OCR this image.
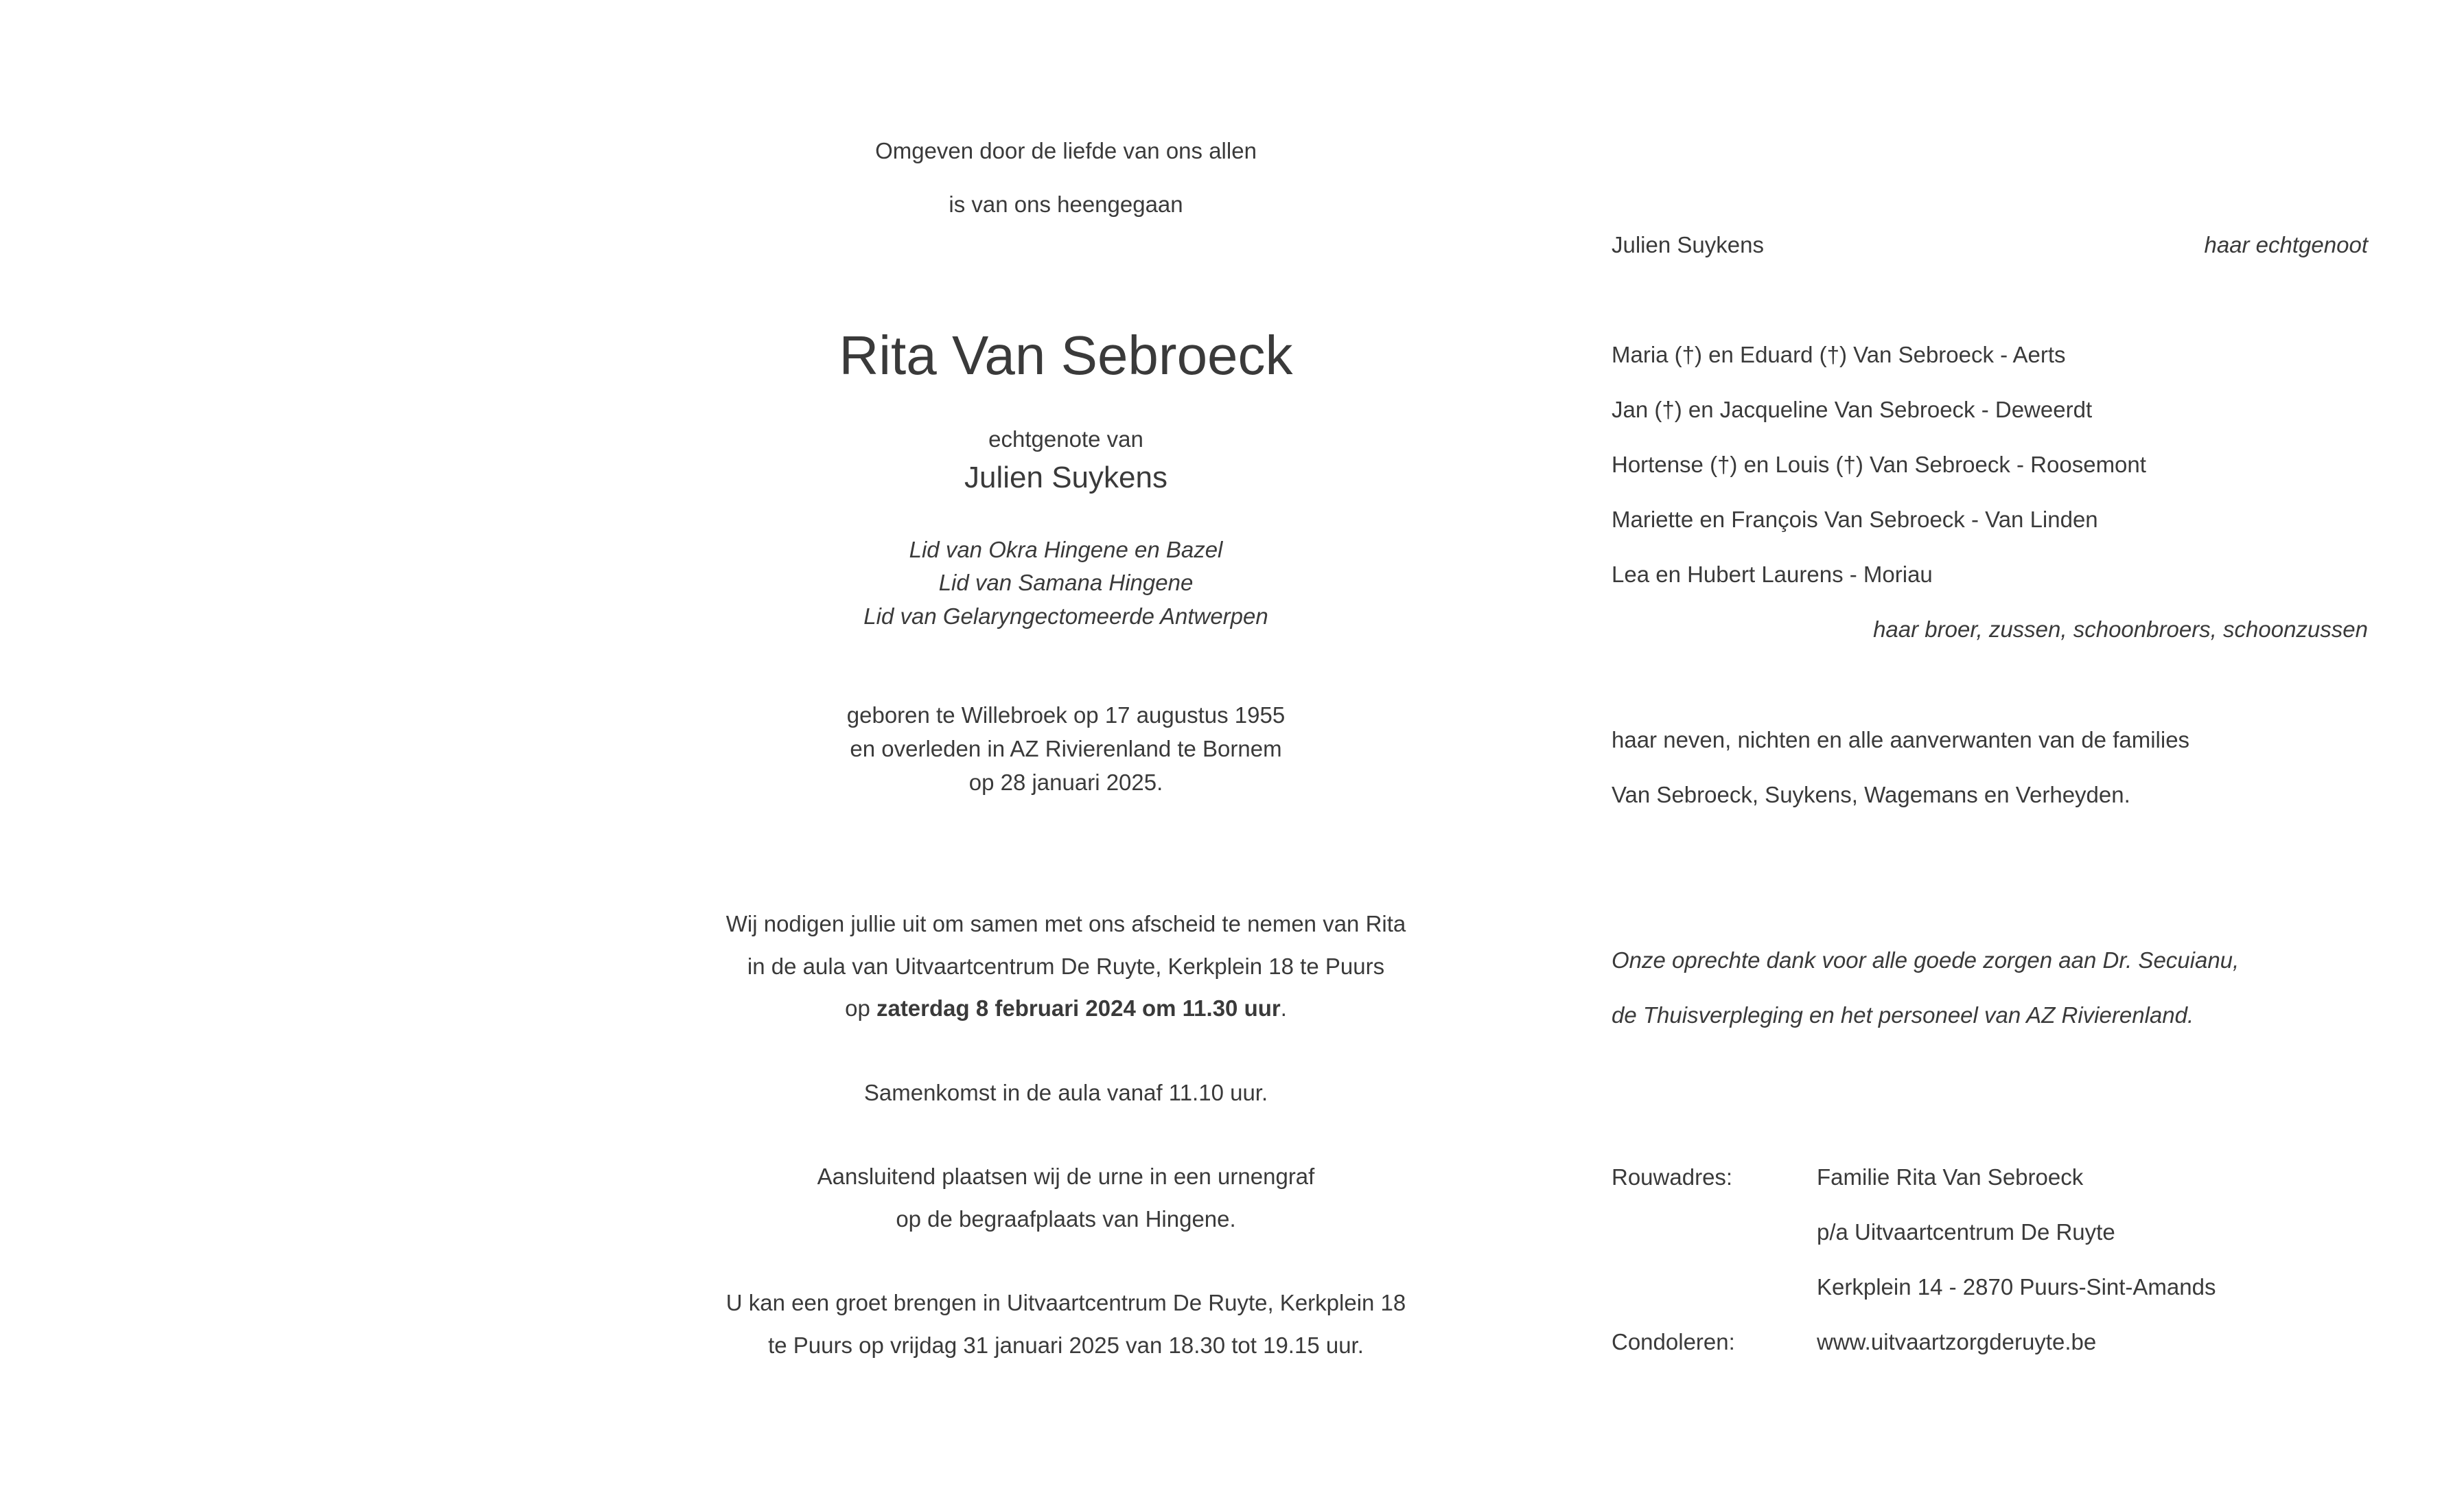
Omgeven door de liefde van ons allen
is van ons heengegaan
Rita Van Sebroeck
echtgenote van
Julien Suykens
Lid van Okra Hingene en Bazel
Lid van Samana Hingene
Lid van Gelaryngectomeerde Antwerpen
geboren te Willebroek op 17 augustus 1955
en overleden in AZ Rivierenland te Bornem
op 28 januari 2025.
Wij nodigen jullie uit om samen met ons afscheid te nemen van Rita
in de aula van Uitvaartcentrum De Ruyte, Kerkplein 18 te Puurs
op zaterdag 8 februari 2024 om 11.30 uur.
Samenkomst in de aula vanaf 11.10 uur.
Aansluitend plaatsen wij de urne in een urnengraf
op de begraafplaats van Hingene.
U kan een groet brengen in Uitvaartcentrum De Ruyte, Kerkplein 18
te Puurs op vrijdag 31 januari 2025 van 18.30 tot 19.15 uur.
Julien Suykens	haar echtgenoot
Maria (†) en Eduard (†) Van Sebroeck - Aerts
Jan (†) en Jacqueline Van Sebroeck - Deweerdt
Hortense (†) en Louis (†) Van Sebroeck - Roosemont
Mariette en François Van Sebroeck - Van Linden
Lea en Hubert Laurens - Moriau
haar broer, zussen, schoonbroers, schoonzussen
haar neven, nichten en alle aanverwanten van de families
Van Sebroeck, Suykens, Wagemans en Verheyden.
Onze oprechte dank voor alle goede zorgen aan Dr. Secuianu,
de Thuisverpleging en het personeel van AZ Rivierenland.
Rouwadres:	Familie Rita Van Sebroeck
p/a Uitvaartcentrum De Ruyte
Kerkplein 14 - 2870 Puurs-Sint-Amands
Condoleren:	www.uitvaartzorgderuyte.be
